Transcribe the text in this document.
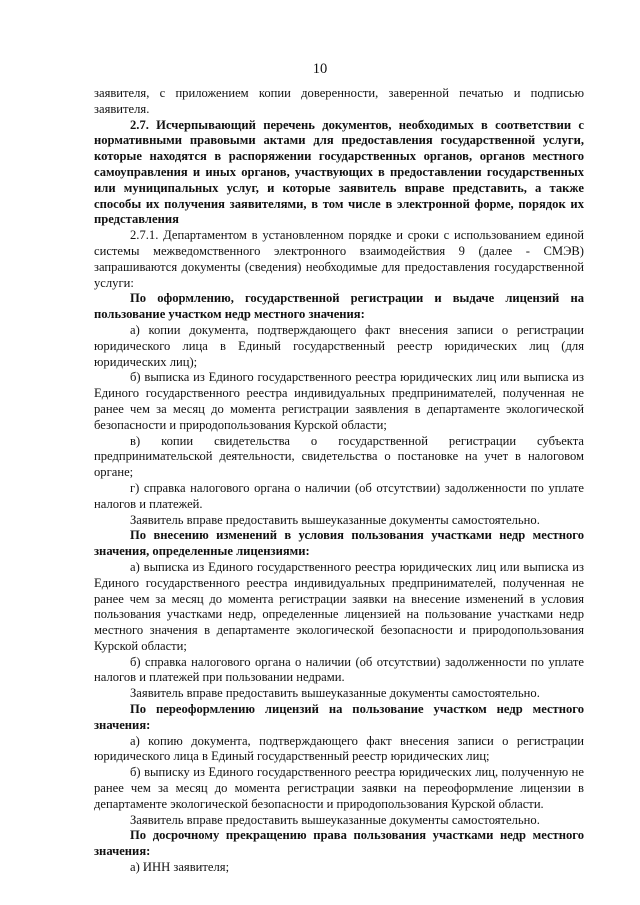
10

заявителя, с приложением копии доверенности, заверенной печатью и подписью заявителя.

2.7. Исчерпывающий перечень документов, необходимых в соответствии с нормативными правовыми актами для предоставления государственной услуги, которые находятся в распоряжении государственных органов, органов местного самоуправления и иных органов, участвующих в предоставлении государственных или муниципальных услуг, и которые заявитель вправе представить, а также способы их получения заявителями, в том числе в электронной форме, порядок их представления

2.7.1. Департаментом в установленном порядке и сроки с использованием единой системы межведомственного электронного взаимодействия 9 (далее - СМЭВ) запрашиваются документы (сведения) необходимые для предоставления государственной услуги:

По оформлению, государственной регистрации и выдаче лицензий на пользование участком недр местного значения:

а) копии документа, подтверждающего факт внесения записи о регистрации юридического лица в Единый государственный реестр юридических лиц (для юридических лиц);

б) выписка из Единого государственного реестра юридических лиц или выписка из Единого государственного реестра индивидуальных предпринимателей, полученная не ранее чем за месяц до момента регистрации заявления в департаменте экологической безопасности и природопользования Курской области;

в) копии свидетельства о государственной регистрации субъекта предпринимательской деятельности, свидетельства о постановке на учет в налоговом органе;

г) справка налогового органа о наличии (об отсутствии) задолженности по уплате налогов и платежей.

Заявитель вправе предоставить вышеуказанные документы самостоятельно.

По внесению изменений в условия пользования участками недр местного значения, определенные лицензиями:

а) выписка из Единого государственного реестра юридических лиц или выписка из Единого государственного реестра индивидуальных предпринимателей, полученная не ранее чем за месяц до момента регистрации заявки на внесение изменений в условия пользования участками недр, определенные лицензией на пользование участками недр местного значения в департаменте экологической безопасности и природопользования Курской области;

б) справка налогового органа о наличии (об отсутствии) задолженности по уплате налогов и платежей при пользовании недрами.

Заявитель вправе предоставить вышеуказанные документы самостоятельно.

По переоформлению лицензий на пользование участком недр местного значения:

а) копию документа, подтверждающего факт внесения записи о регистрации юридического лица в Единый государственный реестр юридических лиц;

б) выписку из Единого государственного реестра юридических лиц, полученную не ранее чем за месяц до момента регистрации заявки на переоформление лицензии в департаменте экологической безопасности и природопользования Курской области.

Заявитель вправе предоставить вышеуказанные документы самостоятельно.

По досрочному прекращению права пользования участками недр местного значения:

а) ИНН заявителя;
